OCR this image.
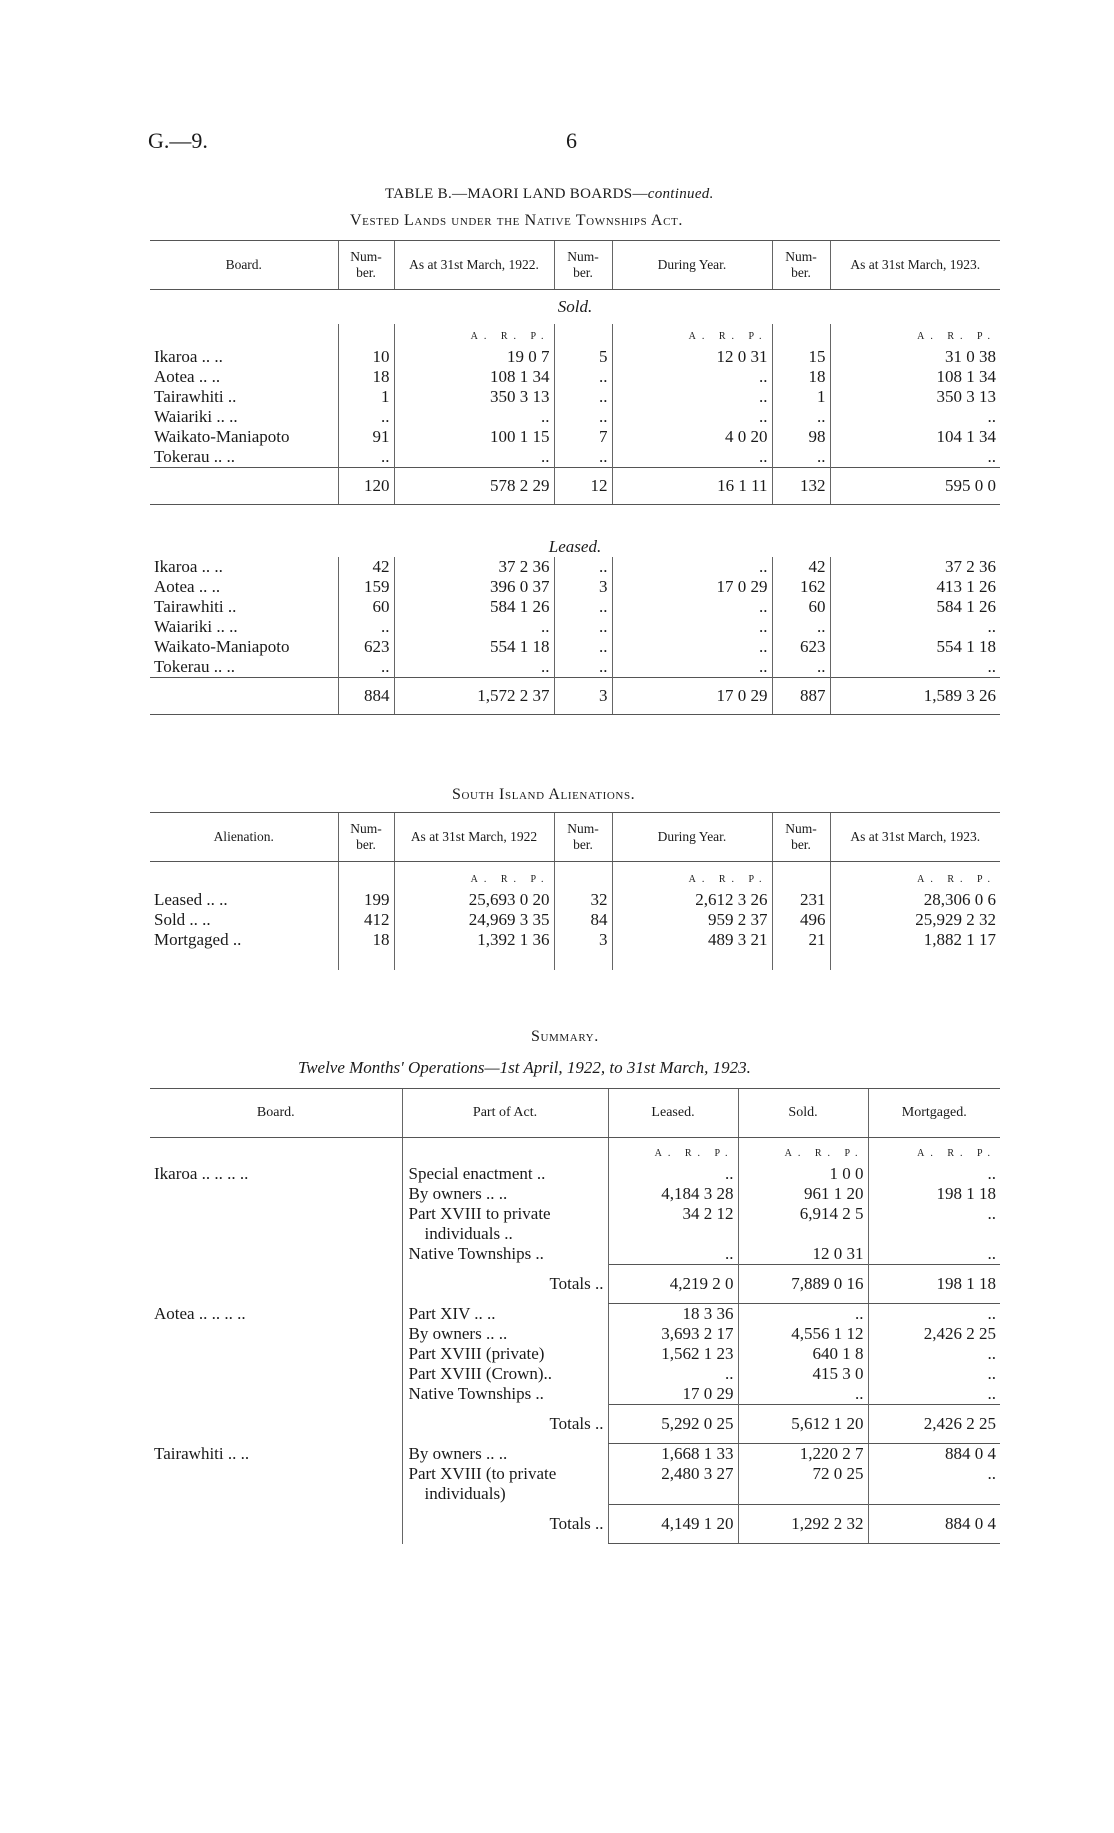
G.—9.	6
TABLE B.—MAORI LAND BOARDS—continued.
Vested Lands under the Native Townships Act.
Board.	Num- ber.	As at 31st March, 1922.	Num- ber.	During Year.	Num- ber.	As at 31st March, 1923.
Sold.						
		A. R. P.		A. R. P.		A. R. P.
Ikaroa .. ..	10	19 0 7	5	12 0 31	15	31 0 38
Aotea .. ..	18	108 1 34	..	..	18	108 1 34
Tairawhiti ..	1	350 3 13	..	..	1	350 3 13
Waiariki .. ..	..	..	..	..	..	..
Waikato-Maniapoto	91	100 1 15	7	4 0 20	98	104 1 34
Tokerau .. ..	..	..	..	..	..	..
	120	578 2 29	12	16 1 11	132	595 0 0
Leased.						
Ikaroa .. ..	42	37 2 36	..	..	42	37 2 36
Aotea .. ..	159	396 0 37	3	17 0 29	162	413 1 26
Tairawhiti ..	60	584 1 26	..	..	60	584 1 26
Waiariki .. ..	..	..	..	..	..	..
Waikato-Maniapoto	623	554 1 18	..	..	623	554 1 18
Tokerau .. ..	..	..	..	..	..	..
	884	1,572 2 37	3	17 0 29	887	1,589 3 26
South Island Alienations.
Alienation.	Num- ber.	As at 31st March, 1922	Num- ber.	During Year.	Num- ber.	As at 31st March, 1923.
		A. R. P.		A. R. P.		A. R. P.
Leased .. ..	199	25,693 0 20	32	2,612 3 26	231	28,306 0 6
Sold .. ..	412	24,969 3 35	84	959 2 37	496	25,929 2 32
Mortgaged ..	18	1,392 1 36	3	489 3 21	21	1,882 1 17

Summary.
Twelve Months' Operations—1st April, 1922, to 31st March, 1923.
Board.	Part of Act.	Leased.	Sold.	Mortgaged.
		A. R. P.	A. R. P.	A. R. P.
Ikaroa .. .. .. ..	Special enactment ..	..	1 0 0	..
	By owners .. ..	4,184 3 28	961 1 20	198 1 18
	Part XVIII to private	34 2 12	6,914 2 5	..
	individuals ..			
	Native Townships ..	..	12 0 31	..
	Totals ..	4,219 2 0	7,889 0 16	198 1 18
Aotea .. .. .. ..	Part XIV .. ..	18 3 36	..	..
	By owners .. ..	3,693 2 17	4,556 1 12	2,426 2 25
	Part XVIII (private)	1,562 1 23	640 1 8	..
	Part XVIII (Crown)..	..	415 3 0	..
	Native Townships ..	17 0 29	..	..
	Totals ..	5,292 0 25	5,612 1 20	2,426 2 25
Tairawhiti .. ..	By owners .. ..	1,668 1 33	1,220 2 7	884 0 4
	Part XVIII (to private	2,480 3 27	72 0 25	..
	individuals)			
	Totals ..	4,149 1 20	1,292 2 32	884 0 4
